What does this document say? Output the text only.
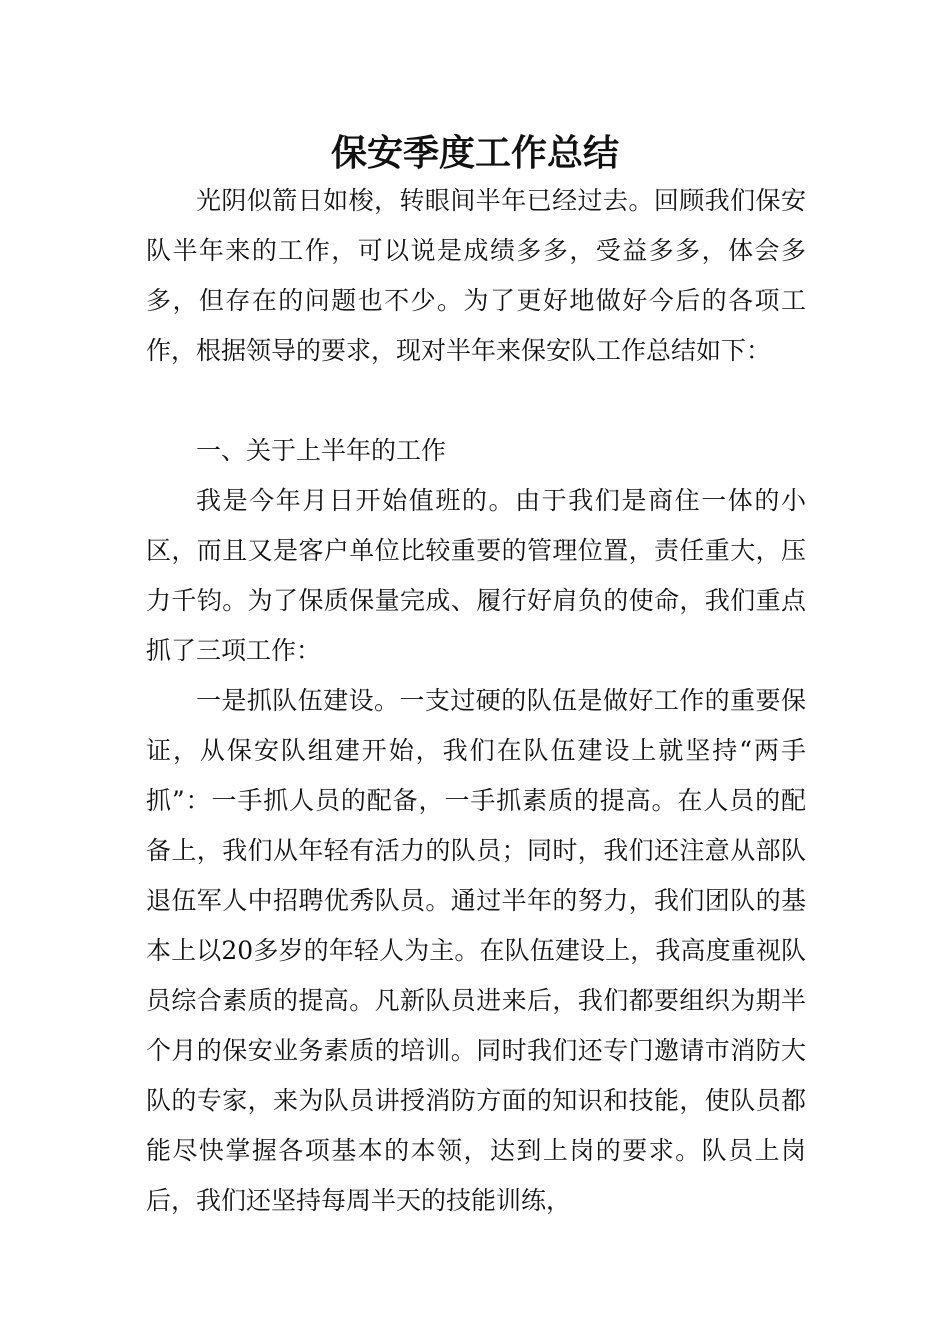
保安季度工作总结

光阴似箭日如梭，转眼间半年已经过去。回顾我们保安队半年来的工作，可以说是成绩多多，受益多多，体会多多，但存在的问题也不少。为了更好地做好今后的各项工作，根据领导的要求，现对半年来保安队工作总结如下：

一、关于上半年的工作

我是今年月日开始值班的。由于我们是商住一体的小区，而且又是客户单位比较重要的管理位置，责任重大，压力千钧。为了保质保量完成、履行好肩负的使命，我们重点抓了三项工作：

一是抓队伍建设。一支过硬的队伍是做好工作的重要保证，从保安队组建开始，我们在队伍建设上就坚持“两手抓”：一手抓人员的配备，一手抓素质的提高。在人员的配备上，我们从年轻有活力的队员；同时，我们还注意从部队退伍军人中招聘优秀队员。通过半年的努力，我们团队的基本上以20多岁的年轻人为主。在队伍建设上，我高度重视队员综合素质的提高。凡新队员进来后，我们都要组织为期半个月的保安业务素质的培训。同时我们还专门邀请市消防大队的专家，来为队员讲授消防方面的知识和技能，使队员都能尽快掌握各项基本的本领，达到上岗的要求。队员上岗后，我们还坚持每周半天的技能训练，
